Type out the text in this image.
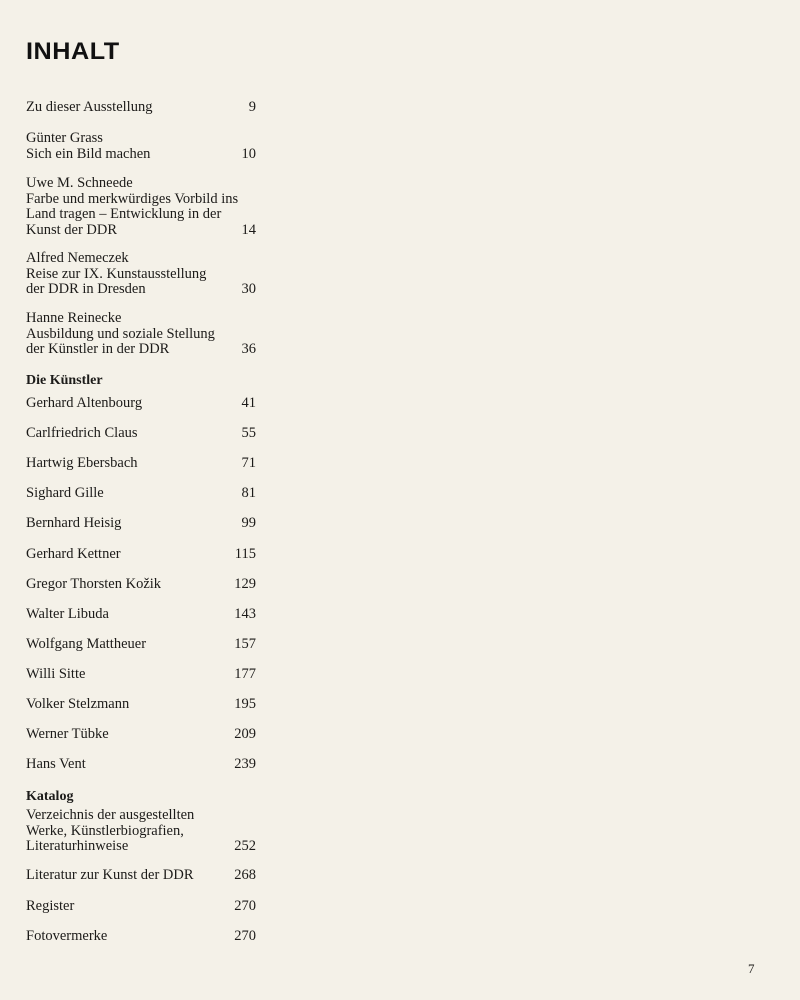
INHALT
Die Künstler
Katalog
Zu dieser Ausstellung	9
Günter Grass
Sich ein Bild machen	10
Uwe M. Schneede
Farbe und merkwürdiges Vorbild ins
Land tragen – Entwicklung in der
Kunst der DDR	14
Alfred Nemeczek
Reise zur IX. Kunstausstellung
der DDR in Dresden	30
Hanne Reinecke
Ausbildung und soziale Stellung
der Künstler in der DDR	36
Gerhard Altenbourg	41
Carlfriedrich Claus	55
Hartwig Ebersbach	71
Sighard Gille	81
Bernhard Heisig	99
Gerhard Kettner	115
Gregor Thorsten Kožik	129
Walter Libuda	143
Wolfgang Mattheuer	157
Willi Sitte	177
Volker Stelzmann	195
Werner Tübke	209
Hans Vent	239
Verzeichnis der ausgestellten
Werke, Künstlerbiografien,
Literaturhinweise	252
Literatur zur Kunst der DDR	268
Register	270
Fotovermerke	270
7
